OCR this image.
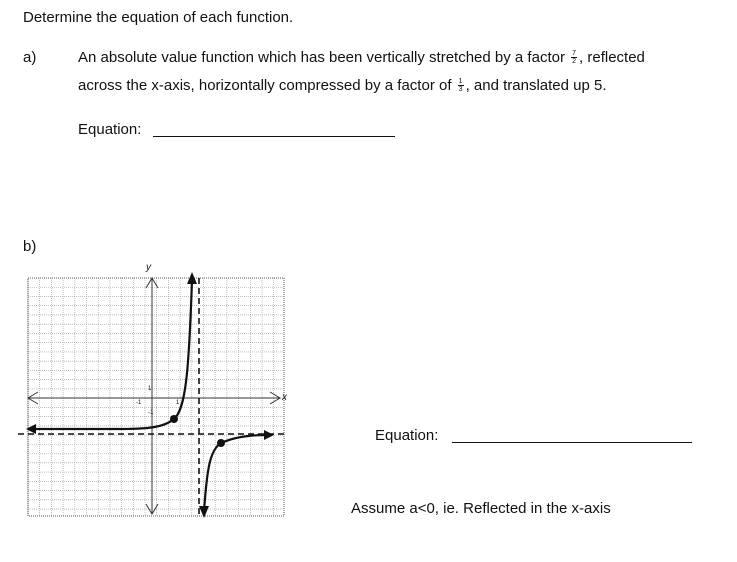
Determine the equation of each function.
a)	An absolute value function which has been vertically stretched by a factor $\frac{7}{2}$ , reflected
across the x-axis, horizontally compressed by a factor of $\frac{1}{3}$ , and translated up 5.
Equation:
b)
y
x
-1	1
1
-1
Equation:
Assume a<0, ie. Reflected in the x-axis
